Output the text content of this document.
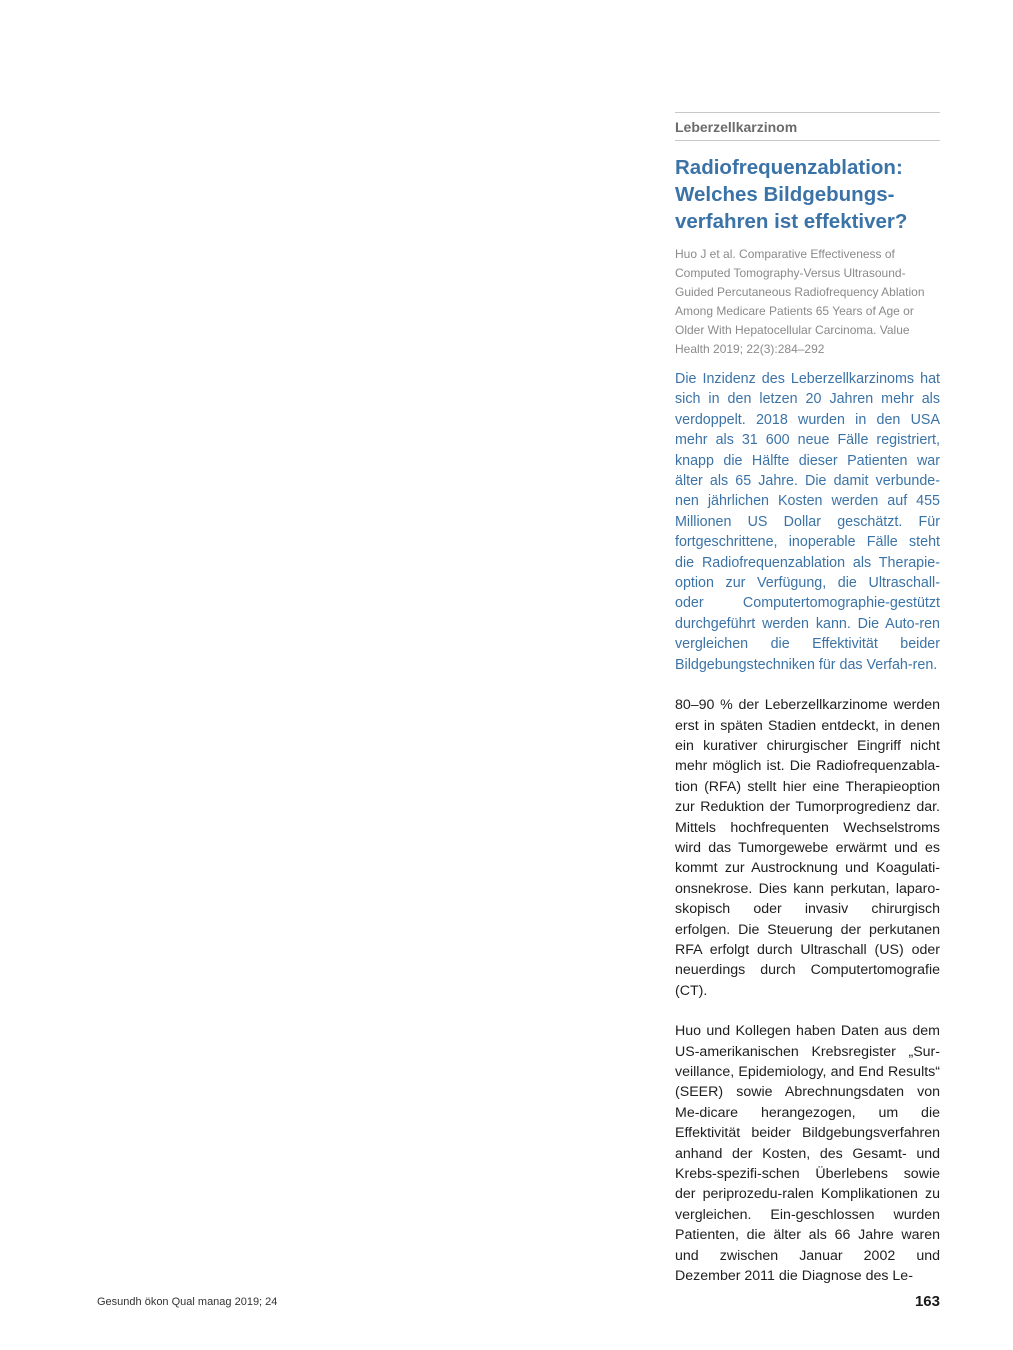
Leberzellkarzinom
Radiofrequenzablation: Welches Bildgebungs-verfahren ist effektiver?
Huo J et al. Comparative Effectiveness of Computed Tomography-Versus Ultrasound-Guided Percutaneous Radiofrequency Ablation Among Medicare Patients 65 Years of Age or Older With Hepatocellular Carcinoma. Value Health 2019; 22(3):284–292
Die Inzidenz des Leberzellkarzinoms hat sich in den letzen 20 Jahren mehr als verdoppelt. 2018 wurden in den USA mehr als 31 600 neue Fälle registriert, knapp die Hälfte dieser Patienten war älter als 65 Jahre. Die damit verbunde-nen jährlichen Kosten werden auf 455 Millionen US Dollar geschätzt. Für fortgeschrittene, inoperable Fälle steht die Radiofrequenzablation als Therapie-option zur Verfügung, die Ultraschall- oder Computertomographie-gestützt durchgeführt werden kann. Die Auto-ren vergleichen die Effektivität beider Bildgebungstechniken für das Verfah-ren.
80–90 % der Leberzellkarzinome werden erst in späten Stadien entdeckt, in denen ein kurativer chirurgischer Eingriff nicht mehr möglich ist. Die Radiofrequenzabla-tion (RFA) stellt hier eine Therapieoption zur Reduktion der Tumorprogredienz dar. Mittels hochfrequenten Wechselstroms wird das Tumorgewebe erwärmt und es kommt zur Austrocknung und Koagulati-onsnekrose. Dies kann perkutan, laparo-skopisch oder invasiv chirurgisch erfolgen. Die Steuerung der perkutanen RFA erfolgt durch Ultraschall (US) oder neuerdings durch Computertomografie (CT).
Huo und Kollegen haben Daten aus dem US-amerikanischen Krebsregister „Sur-veillance, Epidemiology, and End Results“ (SEER) sowie Abrechnungsdaten von Me-dicare herangezogen, um die Effektivität beider Bildgebungsverfahren anhand der Kosten, des Gesamt- und Krebs-spezifi-schen Überlebens sowie der periprozedu-ralen Komplikationen zu vergleichen. Ein-geschlossen wurden Patienten, die älter als 66 Jahre waren und zwischen Januar 2002 und Dezember 2011 die Diagnose des Le-
Gesundh ökon Qual manag 2019; 24	163
